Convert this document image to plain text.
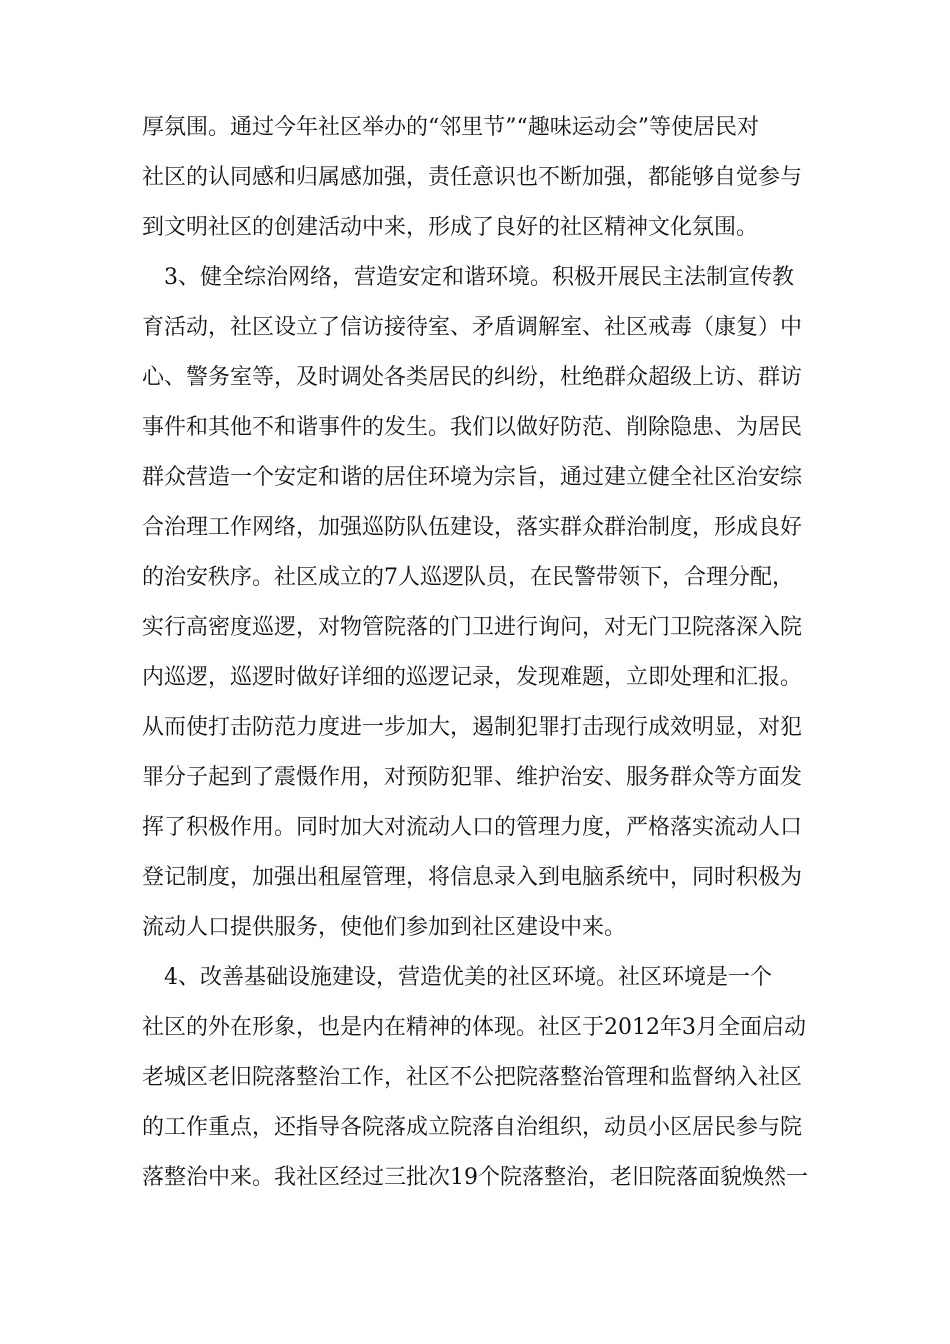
厚氛围。通过今年社区举办的“邻里节”“趣味运动会”等使居民对
社区的认同感和归属感加强，责任意识也不断加强，都能够自觉参与
到文明社区的创建活动中来，形成了良好的社区精神文化氛围。
3、健全综治网络，营造安定和谐环境。积极开展民主法制宣传教
育活动，社区设立了信访接待室、矛盾调解室、社区戒毒（康复）中
心、警务室等，及时调处各类居民的纠纷，杜绝群众超级上访、群访
事件和其他不和谐事件的发生。我们以做好防范、削除隐患、为居民
群众营造一个安定和谐的居住环境为宗旨，通过建立健全社区治安综
合治理工作网络，加强巡防队伍建设，落实群众群治制度，形成良好
的治安秩序。社区成立的7人巡逻队员，在民警带领下，合理分配，
实行高密度巡逻，对物管院落的门卫进行询问，对无门卫院落深入院
内巡逻，巡逻时做好详细的巡逻记录，发现难题，立即处理和汇报。
从而使打击防范力度进一步加大，遏制犯罪打击现行成效明显，对犯
罪分子起到了震慑作用，对预防犯罪、维护治安、服务群众等方面发
挥了积极作用。同时加大对流动人口的管理力度，严格落实流动人口
登记制度，加强出租屋管理，将信息录入到电脑系统中，同时积极为
流动人口提供服务，使他们参加到社区建设中来。
4、改善基础设施建设，营造优美的社区环境。社区环境是一个
社区的外在形象，也是内在精神的体现。社区于2012年3月全面启动
老城区老旧院落整治工作，社区不公把院落整治管理和监督纳入社区
的工作重点，还指导各院落成立院落自治组织，动员小区居民参与院
落整治中来。我社区经过三批次19个院落整治，老旧院落面貌焕然一
